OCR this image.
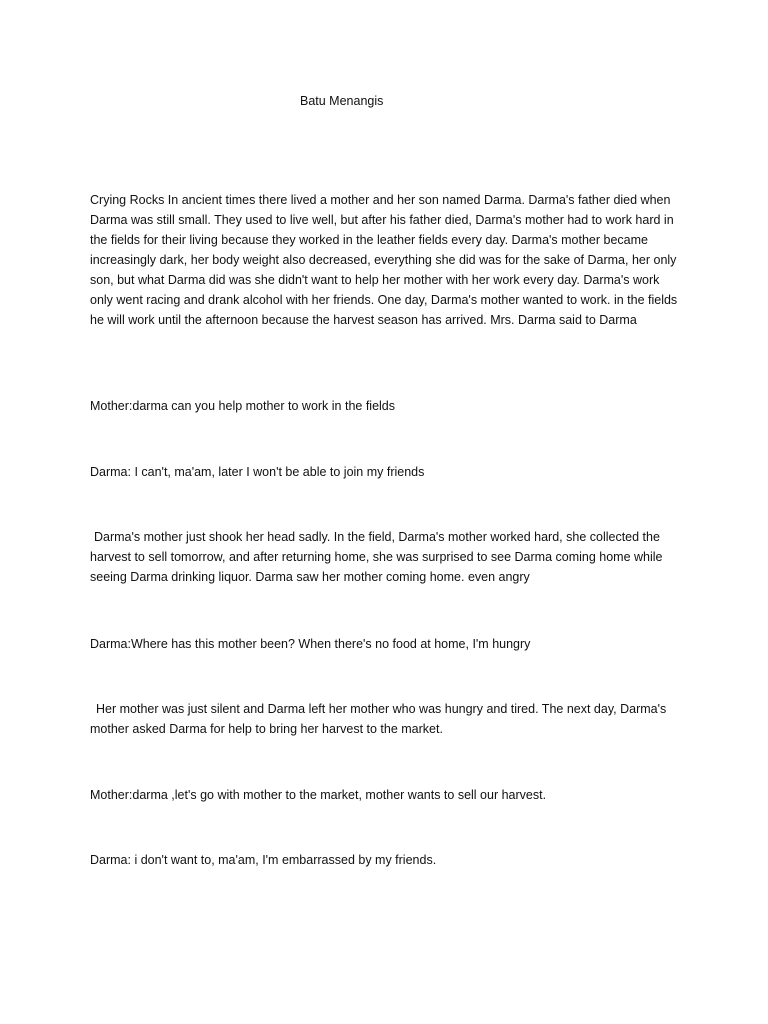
Batu Menangis

Crying Rocks In ancient times there lived a mother and her son named Darma. Darma's father died when Darma was still small. They used to live well, but after his father died, Darma's mother had to work hard in the fields for their living because they worked in the leather fields every day. Darma's mother became increasingly dark, her body weight also decreased, everything she did was for the sake of Darma, her only son, but what Darma did was she didn't want to help her mother with her work every day. Darma's work only went racing and drank alcohol with her friends. One day, Darma's mother wanted to work. in the fields he will work until the afternoon because the harvest season has arrived. Mrs. Darma said to Darma

Mother:darma can you help mother to work in the fields
Darma: I can't, ma'am, later I won't be able to join my friends

Darma's mother just shook her head sadly. In the field, Darma's mother worked hard, she collected the harvest to sell tomorrow, and after returning home, she was surprised to see Darma coming home while seeing Darma drinking liquor. Darma saw her mother coming home. even angry

Darma:Where has this mother been? When there's no food at home, I'm hungry

Her mother was just silent and Darma left her mother who was hungry and tired. The next day, Darma's mother asked Darma for help to bring her harvest to the market.

Mother:darma ,let's go with mother to the market, mother wants to sell our harvest.
Darma: i don't want to, ma'am, I'm embarrassed by my friends.
